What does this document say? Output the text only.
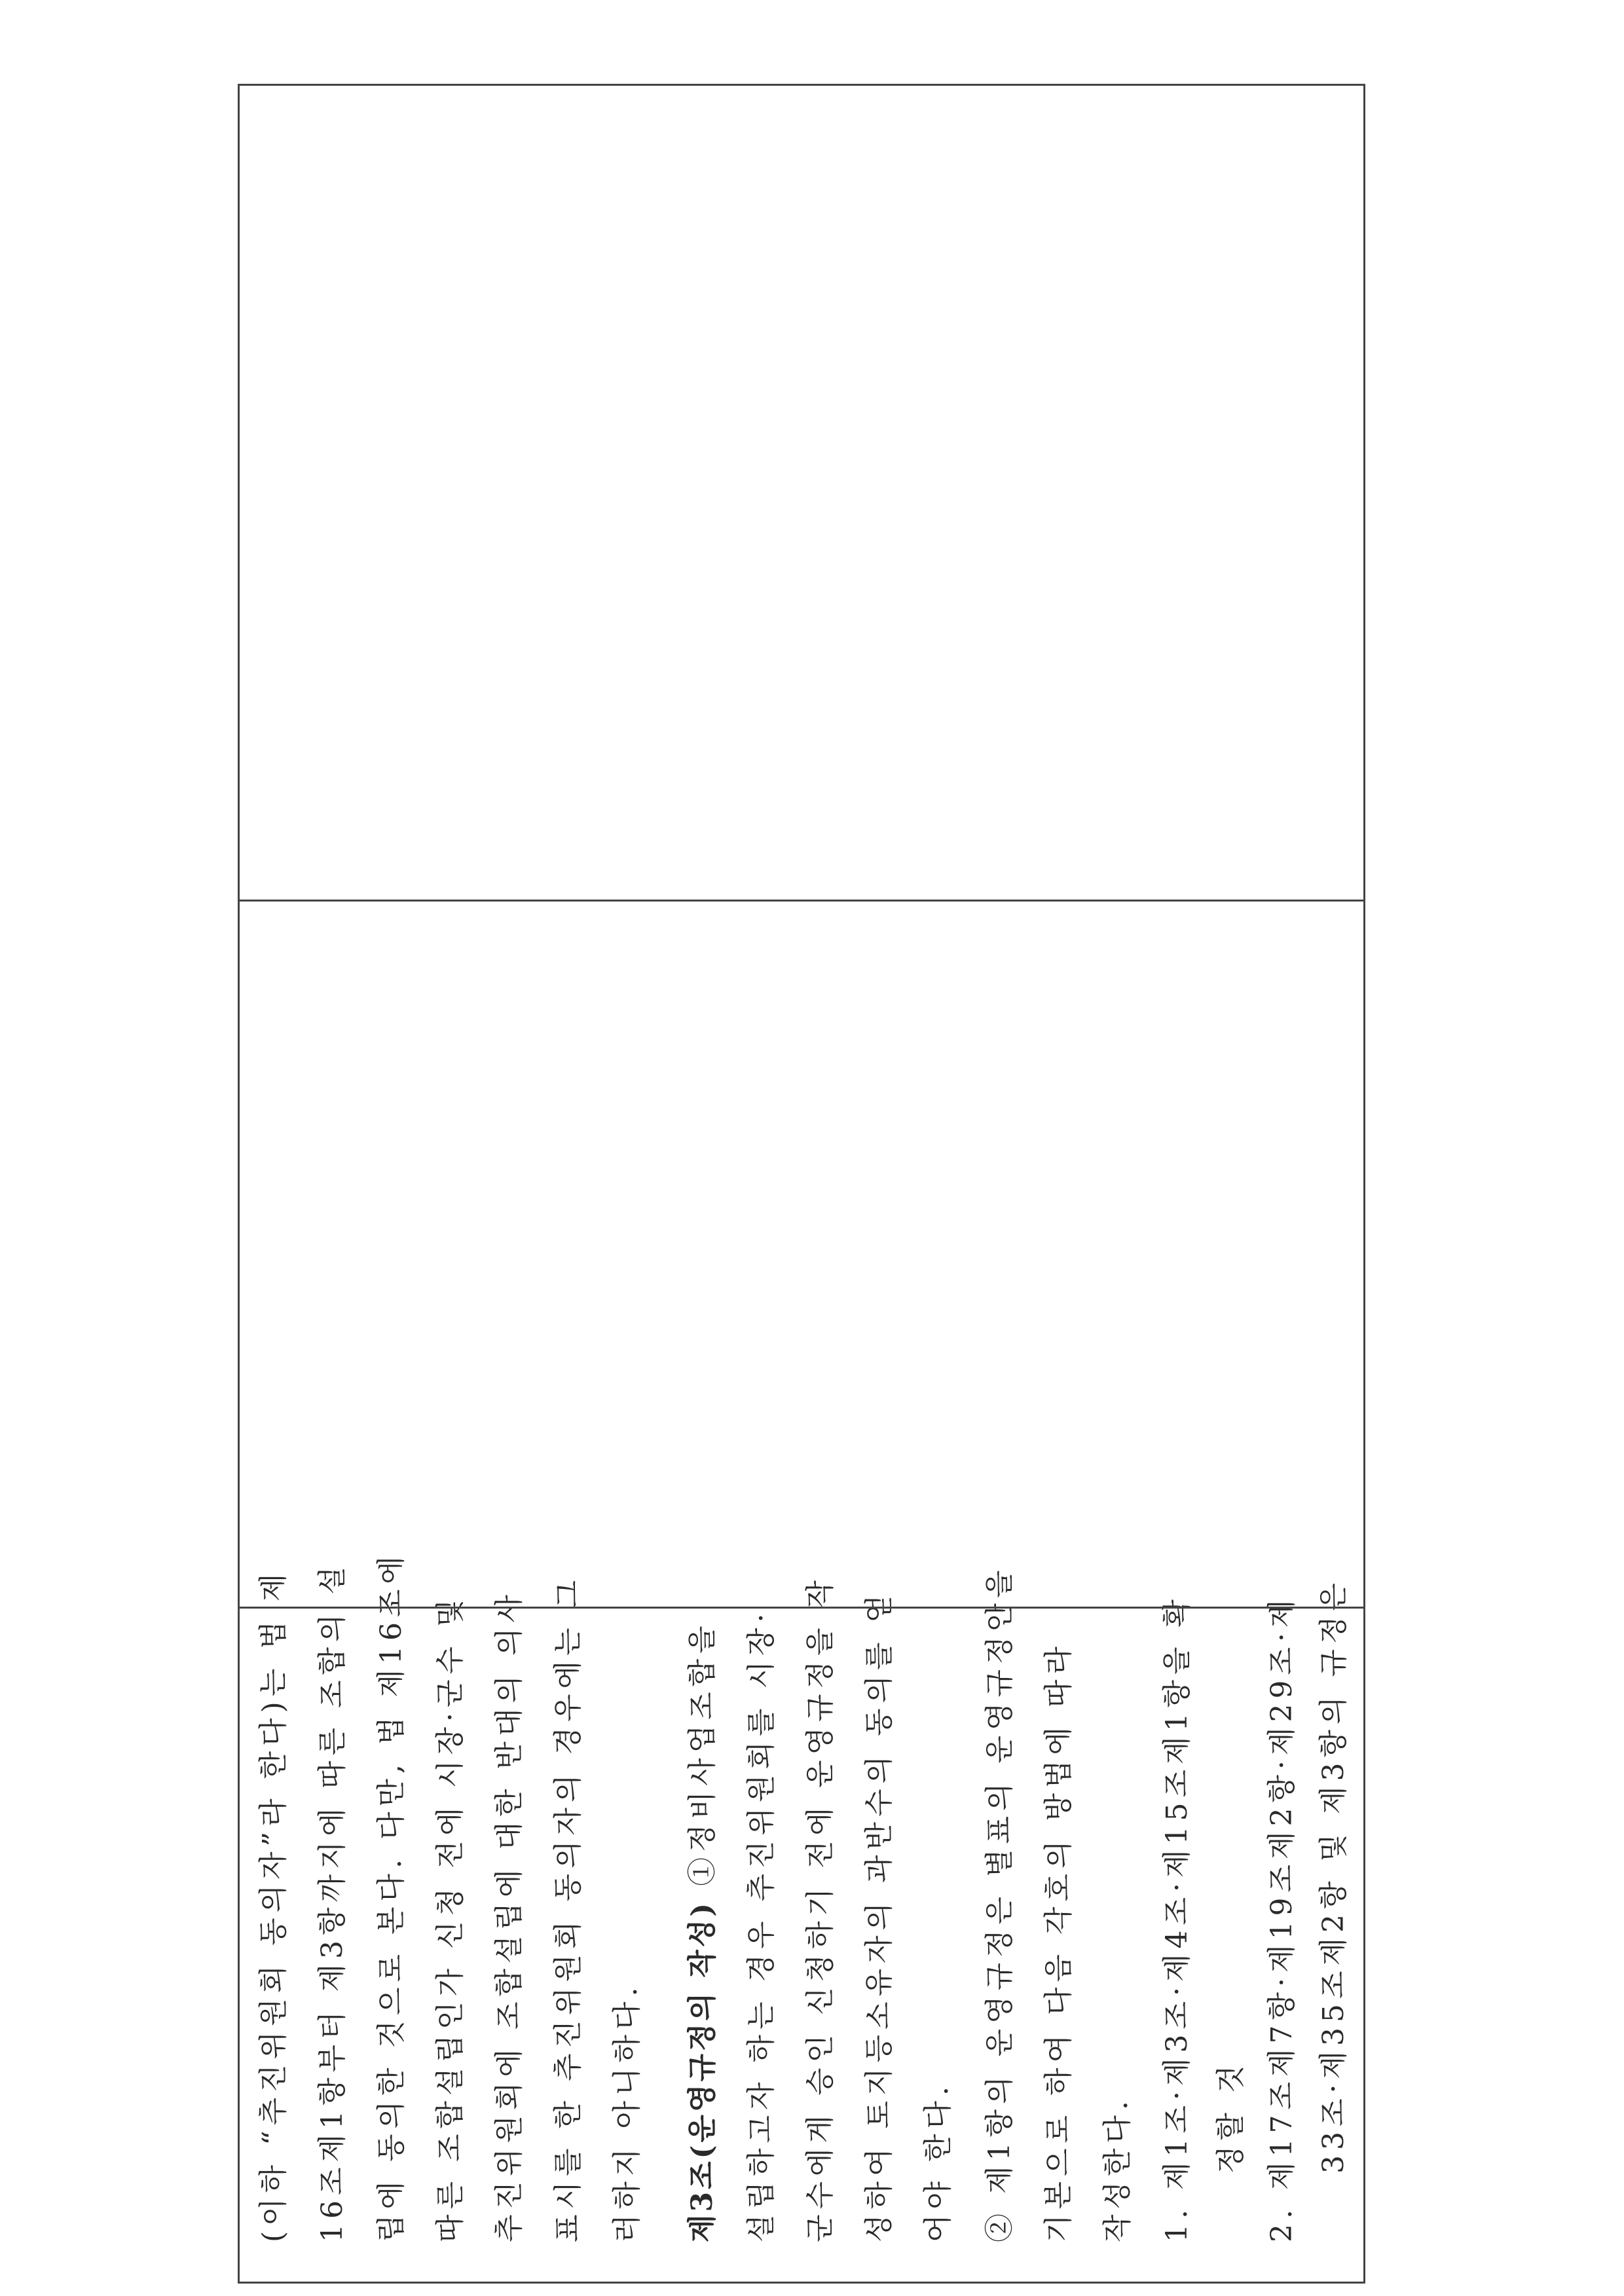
(이하 “추진위원회 동의자”라 한다)는 법 제 16조제1항부터 제3항까지에 따른 조합의 설 립에 동의한 것으로 본다. 다만, 법 제16조에 따른 조합설립인가 신청 전에 시장·군수 및 추진위원회에 조합설립에 대한 반대의 의사 표시를 한 추진위원회 동의자의 경우에는 그 러하지 아니하다. 제3조(운영규정의 작성) ①정비사업조합을 설립하고자 하는 경우 추진위원회를 시장· 군수에게 승인 신청하기 전에 운영규정을 작 성하여 토지등소유자의 과반수의 동의를 얻 어야 한다. ② 제1항의 운영규정은 별표의 운영규정안을 기본으로 하여 다음 각호의 방법에 따라 작성한다. 1. 제1조·제3조·제4조·제15조제1항을 확 정할 것
2. 제17조제7항·제19조제2항·제29조·제 33조·제35조제2항 및 제3항의 규정은
